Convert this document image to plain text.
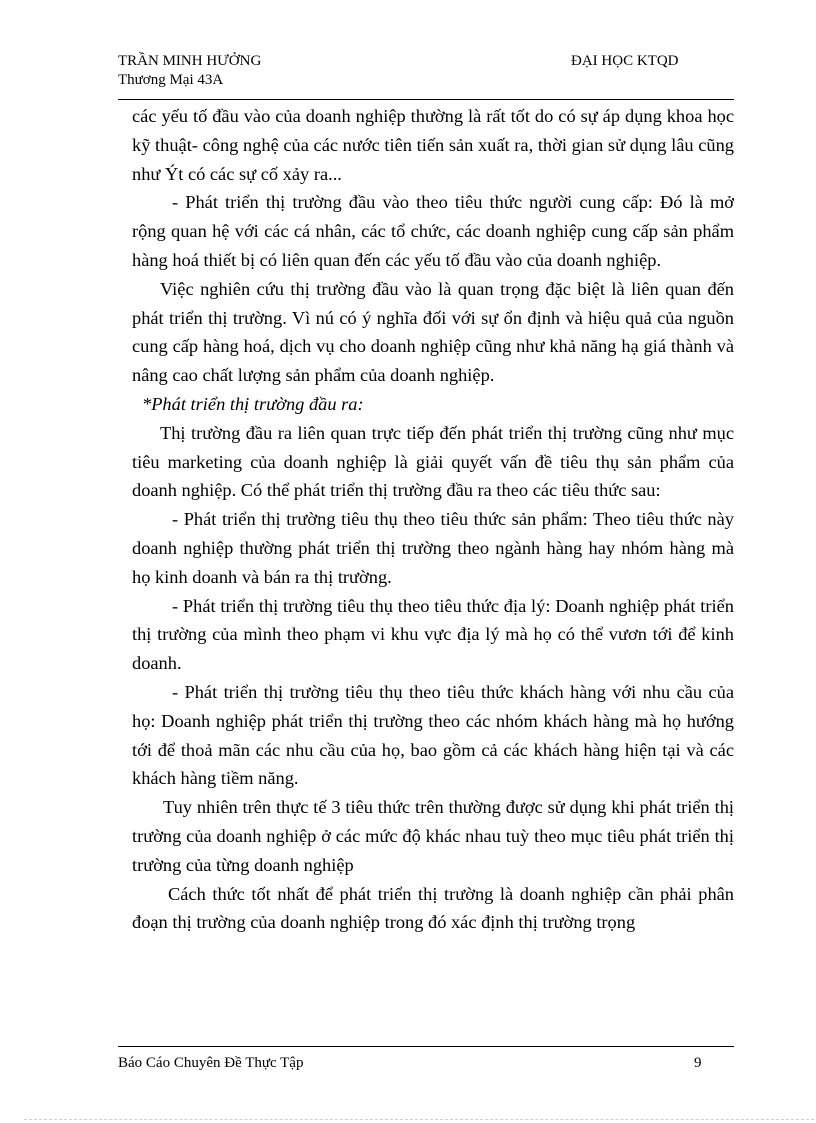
TRẦN MINH HƯỞNG
Thương Mại 43A
ĐẠI HỌC KTQD

các yếu tố đầu vào của doanh nghiệp thường là rất tốt do có sự áp dụng khoa học kỹ thuật- công nghệ của các nước tiên tiến sản xuất ra, thời gian sử dụng lâu cũng như Ýt có các sự cố xảy ra...

- Phát triển thị trường đầu vào theo tiêu thức người cung cấp: Đó là mở rộng quan hệ với các cá nhân, các tổ chức, các doanh nghiệp cung cấp sản phẩm hàng hoá thiết bị có liên quan đến các yếu tố đầu vào của doanh nghiệp.

Việc nghiên cứu thị trường đầu vào là quan trọng đặc biệt là liên quan đến phát triển thị trường. Vì nú có ý nghĩa đối với sự ổn định và hiệu quả của nguồn cung cấp hàng hoá, dịch vụ cho doanh nghiệp cũng như khả năng hạ giá thành và nâng cao chất lượng sản phẩm của doanh nghiệp.

*Phát triển thị trường đầu ra:

Thị trường đầu ra liên quan trực tiếp đến phát triển thị trường cũng như mục tiêu marketing của doanh nghiệp là giải quyết vấn đề tiêu thụ sản phẩm của doanh nghiệp. Có thể phát triển thị trường đầu ra theo các tiêu thức sau:

- Phát triển thị trường tiêu thụ theo tiêu thức sản phẩm: Theo tiêu thức này doanh nghiệp thường phát triển thị trường theo ngành hàng hay nhóm hàng mà họ kinh doanh và bán ra thị trường.

- Phát triển thị trường tiêu thụ theo tiêu thức địa lý: Doanh nghiệp phát triển thị trường của mình theo phạm vi khu vực địa lý mà họ có thể vươn tới để kinh doanh.

- Phát triển thị trường tiêu thụ theo tiêu thức khách hàng với nhu cầu của họ: Doanh nghiệp phát triển thị trường theo các nhóm khách hàng mà họ hướng tới để thoả mãn các nhu cầu của họ, bao gồm cả các khách hàng hiện tại và các khách hàng tiềm năng.

Tuy nhiên trên thực tế 3 tiêu thức trên thường được sử dụng khi phát triển thị trường của doanh nghiệp ở các mức độ khác nhau tuỳ theo mục tiêu phát triển thị trường của từng doanh nghiệp

Cách thức tốt nhất để phát triển thị trường là doanh nghiệp cần phải phân đoạn thị trường của doanh nghiệp trong đó xác định thị trường trọng

Báo Cáo Chuyên Đề Thực Tập	9
